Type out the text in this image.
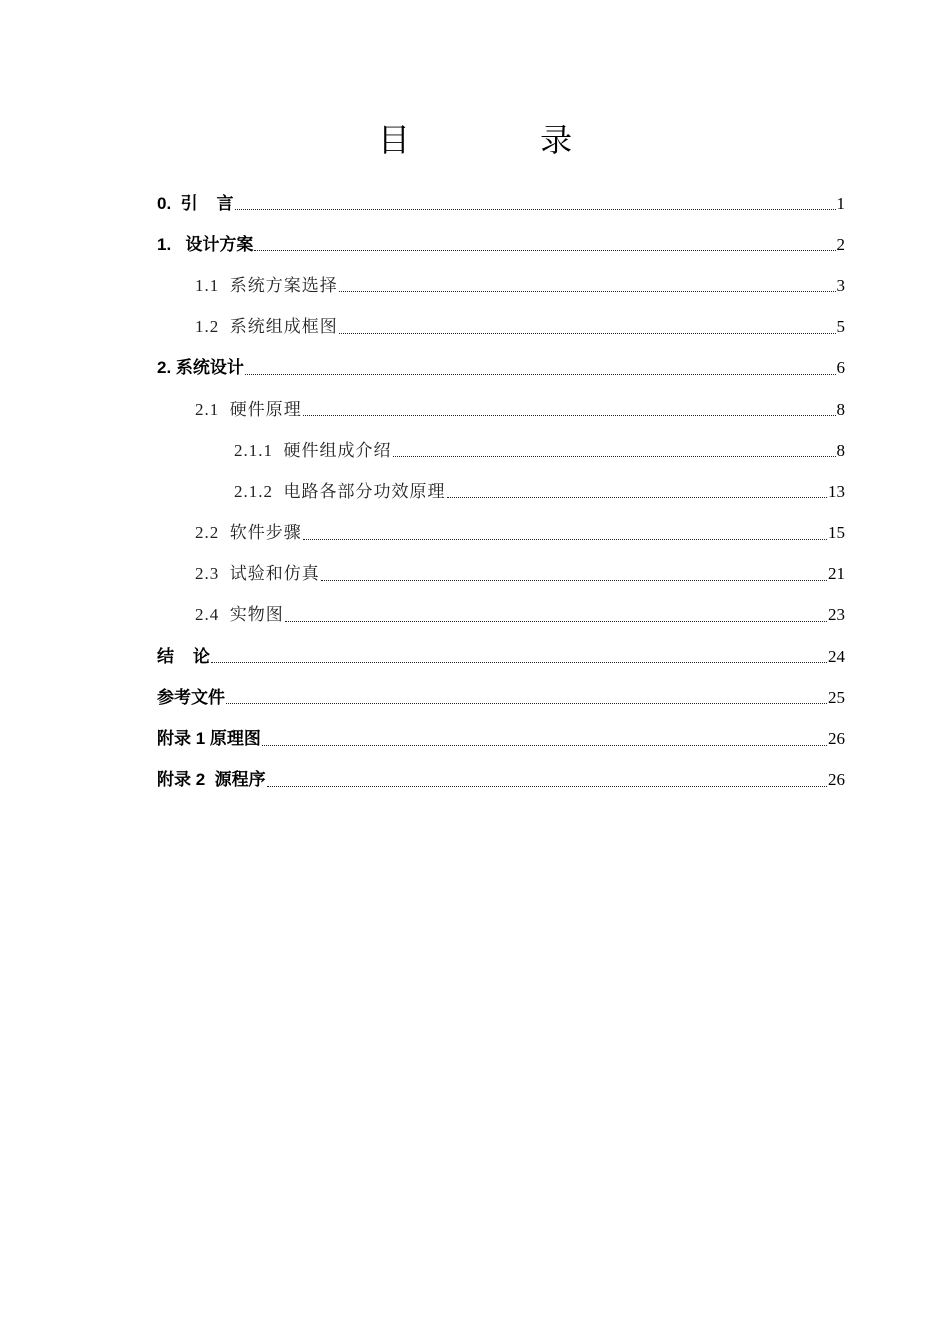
目 录
0.  引    言	1
1.   设计方案	2
1.1  系统方案选择	3
1.2  系统组成框图	5
2. 系统设计	6
2.1  硬件原理	8
2.1.1  硬件组成介绍	8
2.1.2  电路各部分功效原理	13
2.2  软件步骤	15
2.3  试验和仿真	21
2.4  实物图	23
结    论	24
参考文件	25
附录 1 原理图	26
附录 2  源程序	26
